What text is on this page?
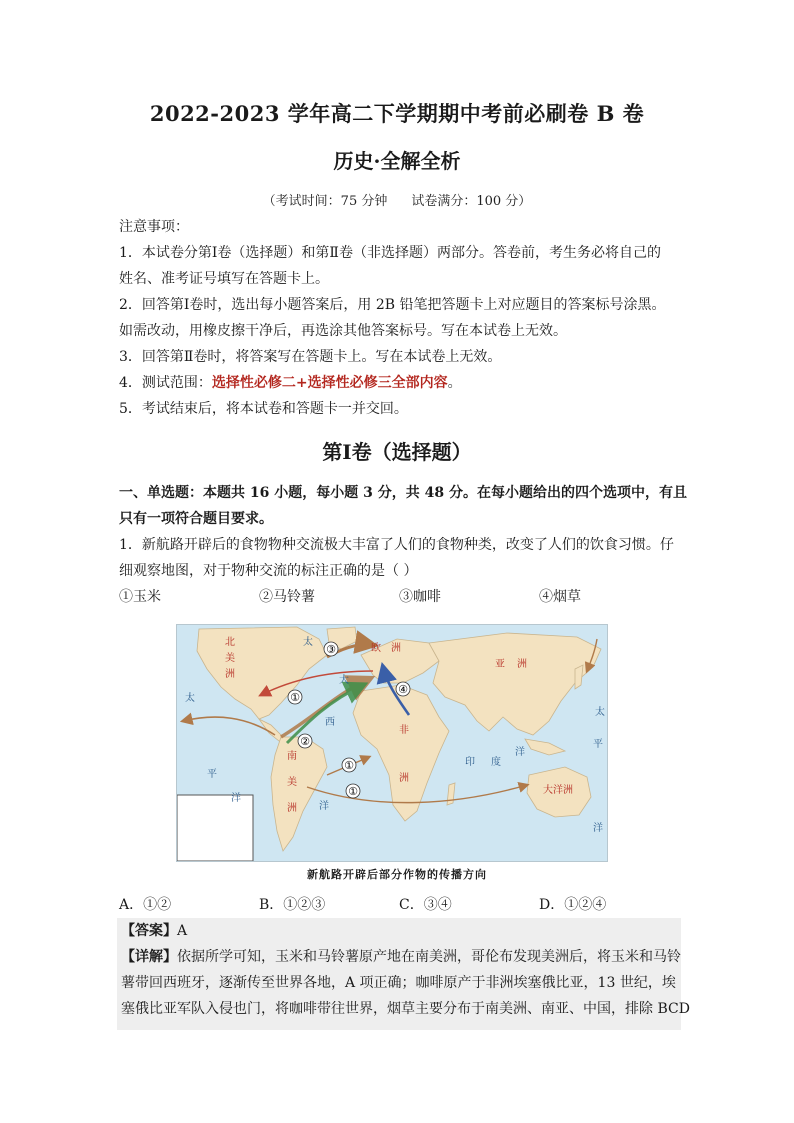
2022-2023 学年高二下学期期中考前必刷卷 B 卷
历史·全解全析
（考试时间：75 分钟 试卷满分：100 分）
注意事项：
1．本试卷分第Ⅰ卷（选择题）和第Ⅱ卷（非选择题）两部分。答卷前，考生务必将自己的
姓名、准考证号填写在答题卡上。
2．回答第Ⅰ卷时，选出每小题答案后，用 2B 铅笔把答题卡上对应题目的答案标号涂黑。
如需改动，用橡皮擦干净后，再选涂其他答案标号。写在本试卷上无效。
3．回答第Ⅱ卷时，将答案写在答题卡上。写在本试卷上无效。
4．测试范围：选择性必修二+选择性必修三全部内容。
5．考试结束后，将本试卷和答题卡一并交回。
第Ⅰ卷（选择题）
一、单选题：本题共 16 小题，每小题 3 分，共 48 分。在每小题给出的四个选项中，有且
只有一项符合题目要求。
1．新航路开辟后的食物物种交流极大丰富了人们的食物种类，改变了人们的饮食习惯。仔
细观察地图，对于物种交流的标注正确的是（ ）
①玉米	②马铃薯	③咖啡	④烟草
①
②
③
④
①
①
北
美
洲
南
美
洲
欧 洲
非
洲
亚 洲
大洋洲
太
平
洋
大
西
洋
印 度
洋
太
太
平
洋
新航路开辟后部分作物的传播方向
A．①②	B．①②③	C．③④	D．①②④
【答案】A
【详解】依据所学可知，玉米和马铃薯原产地在南美洲，哥伦布发现美洲后，将玉米和马铃
薯带回西班牙，逐渐传至世界各地，A 项正确；咖啡原产于非洲埃塞俄比亚，13 世纪，埃
塞俄比亚军队入侵也门，将咖啡带往世界，烟草主要分布于南美洲、南亚、中国，排除 BCD
